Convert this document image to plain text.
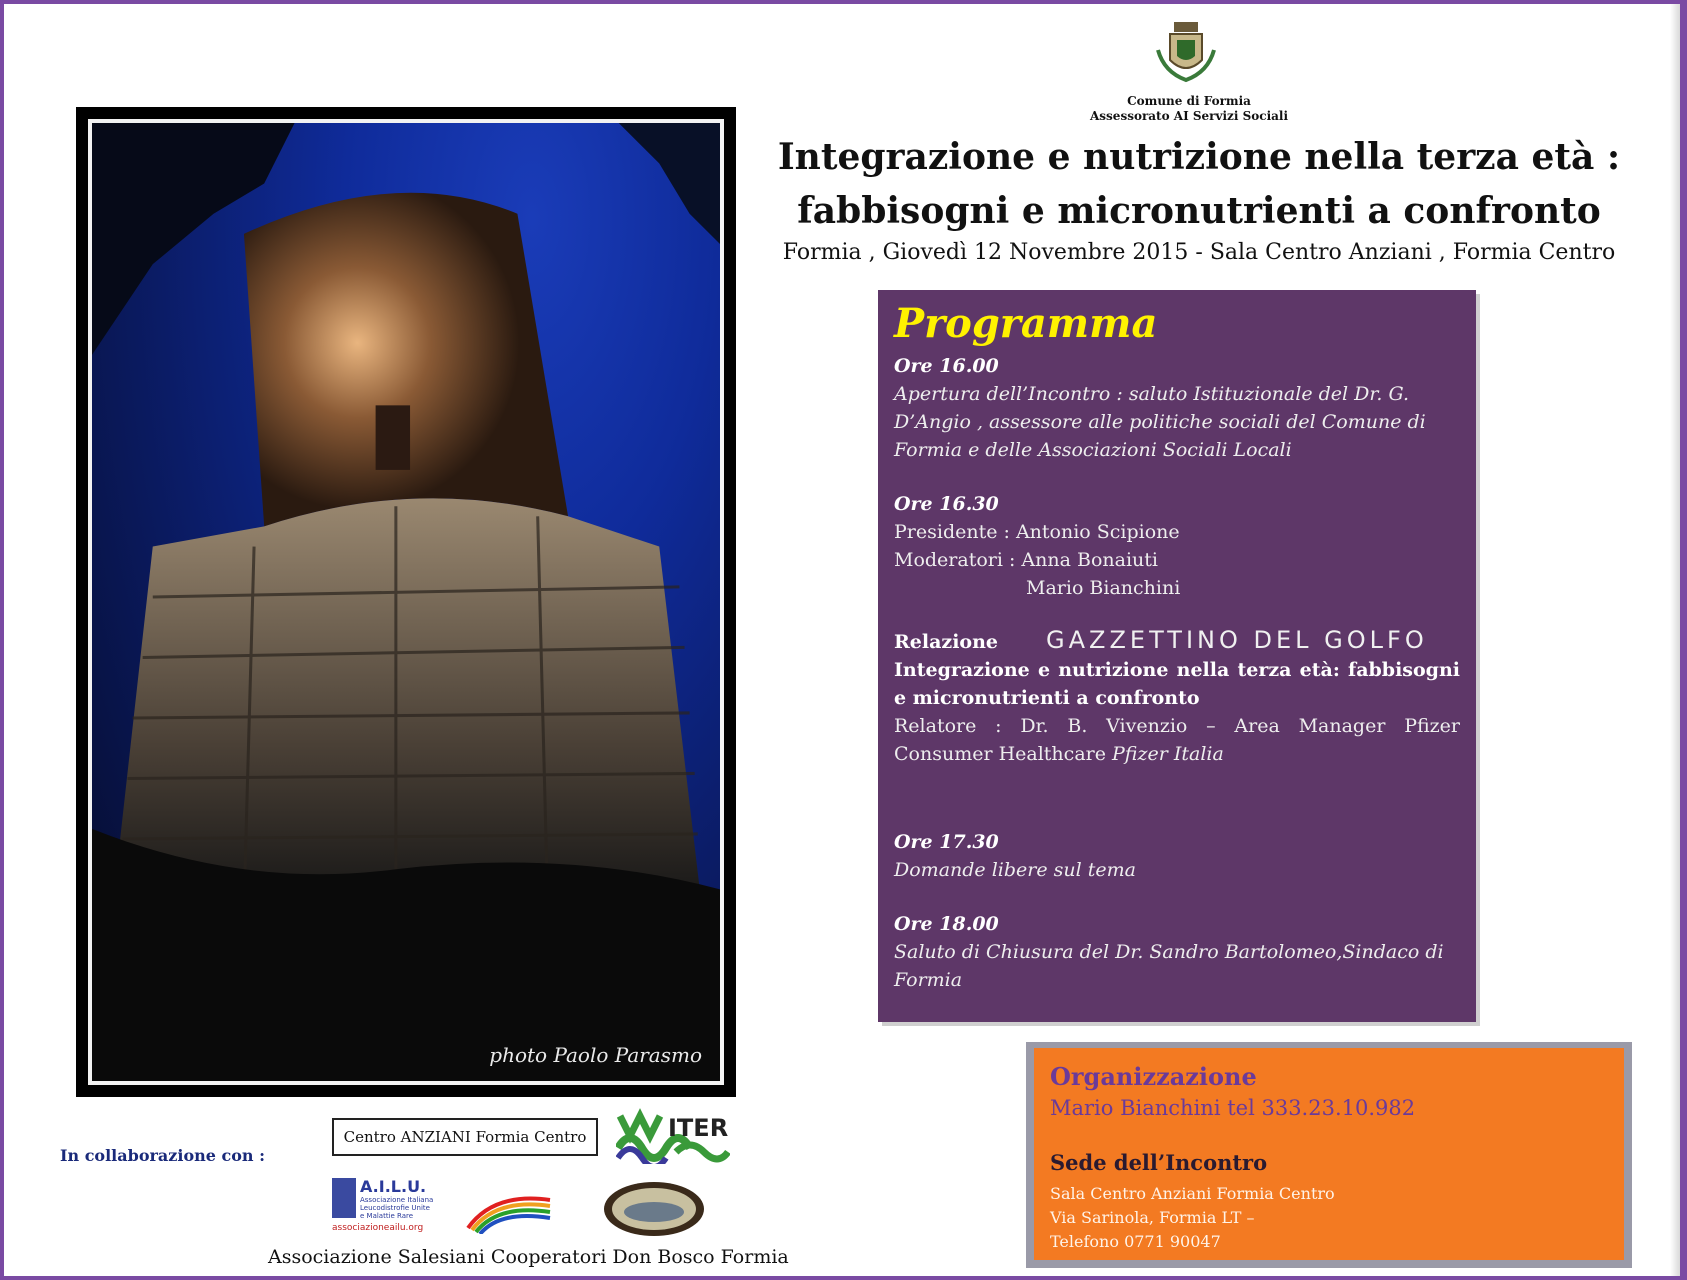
photo Paolo Parasmo
Comune di Formia
Assessorato AI Servizi Sociali
Integrazione e nutrizione nella terza età :
fabbisogni e micronutrienti a confronto
Formia , Giovedì 12 Novembre 2015 - Sala Centro Anziani , Formia Centro
Programma
Ore 16.00
Apertura dell’Incontro : saluto Istituzionale del Dr. G. D’Angio , assessore alle politiche sociali del Comune di Formia e delle Associazioni Sociali Locali
Ore 16.30
Presidente : Antonio Scipione
Moderatori : Anna Bonaiuti
Mario Bianchini
Relazione
Integrazione e nutrizione nella terza età: fabbisogni e micronutrienti a confronto
Relatore : Dr. B. Vivenzio – Area Manager Pfizer Consumer Healthcare Pfizer Italia
GAZZETTINO DEL GOLFO
Ore 17.30
Domande libere sul tema
Ore 18.00
Saluto di Chiusura del Dr. Sandro Bartolomeo,Sindaco di Formia
Organizzazione
Mario Bianchini tel 333.23.10.982
Sede dell’Incontro
Sala Centro Anziani Formia Centro
Via Sarinola, Formia LT –
Telefono 0771 90047
In collaborazione con :
Centro ANZIANI Formia Centro	ITER
A.I.L.U.
Associazione Italiana
Leucodistrofie Unite
e Malattie Rare
associazioneailu.org
Associazione Salesiani Cooperatori Don Bosco Formia
